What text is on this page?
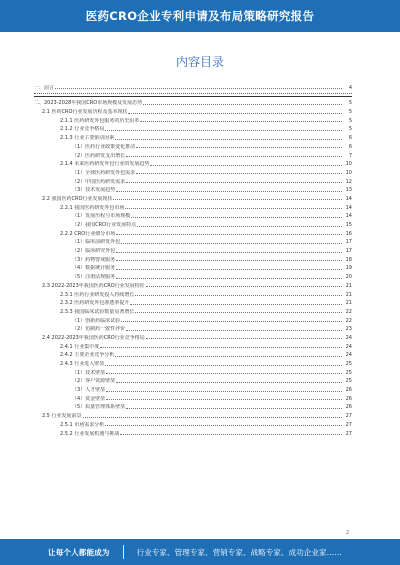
医药CRO企业专利申请及布局策略研究报告
内容目录
一、前言	4
二、2023-2028年我国CRO市场规模及发展态势	5
2.1 医药CRO行业发展历程及基本现状	5
2.1.1 医药研发外包服务的历史沿革	5
2.1.2 行业竞争格局	5
2.1.3 行业主要驱动因素	6
（1）医药行业政策变化推动	6
（2）医药研发支出增长	7
2.1.4 未来医药研发外包行业的发展趋势	10
（1）全球医药研发外包需求	10
（2）中国医药研发需求	12
（3）技术发展趋势	13
2.2 我国医药CRO行业发展现状	14
2.2.1 我国医药研发外包市场	14
（1）发展历程与市场规模	14
（2）我国CRO行业发展特点	15
2.2.2 CRO行业细分市场	16
（1）临床前研发外包	17
（2）临床研究外包	17
（3）药物警戒服务	18
（4）数据统计服务	19
（5）注册法规服务	20
2.3 2022-2023年我国医药CRO行业发展特征	21
2.3.1 医药行业研发投入持续增长	21
2.3.2 医药研发外包渗透率提升	21
2.3.3 我国临床试验数量显著增长	22
（1）创新药临床试验	22
（2）仿制药一致性评价	23
2.4 2022-2023年我国医药CRO行业竞争格局	24
2.4.1 行业集中度	24
2.4.2 主要企业竞争分析	24
2.4.3 行业进入壁垒	25
（1）技术壁垒	25
（2）客户资源壁垒	25
（3）人才壁垒	26
（4）资金壁垒	26
（5）质量管理体系壁垒	26
2.5 行业发展前景	27
2.5.1 市场需求分析	27
2.5.2 行业发展机遇与挑战	27
2
让每个人都能成为	行业专家、管理专家、营销专家、战略专家、成功企业家……
